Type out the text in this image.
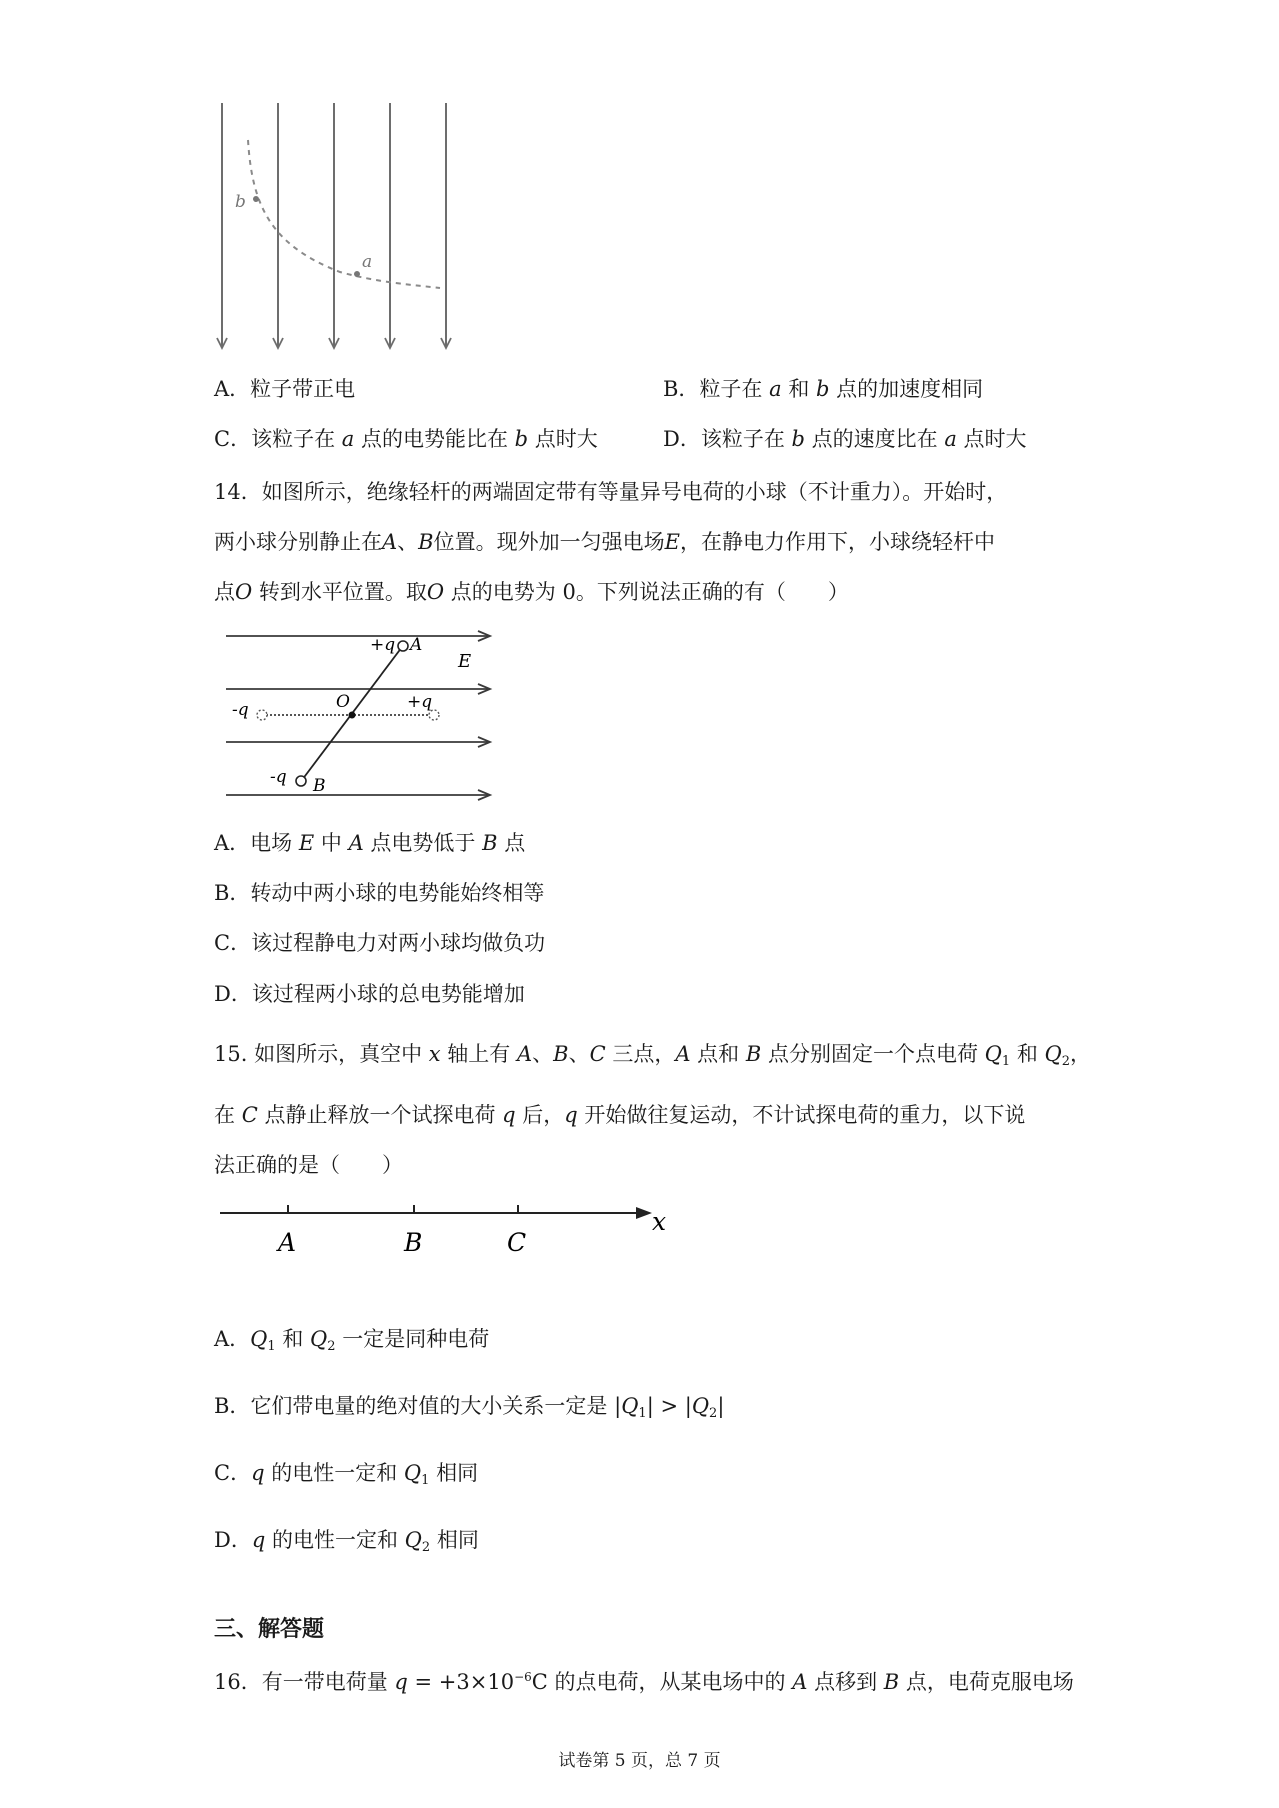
b
a
A．粒子带正电	B．粒子在 a 和 b 点的加速度相同
C．该粒子在 a 点的电势能比在 b 点时大	D．该粒子在 b 点的速度比在 a 点时大
14．如图所示，绝缘轻杆的两端固定带有等量异号电荷的小球（不计重力）。开始时，
两小球分别静止在A、B位置。现外加一匀强电场E，在静电力作用下，小球绕轻杆中
点O 转到水平位置。取O 点的电势为 0。下列说法正确的有（　　）
+q A
E
O	+q
-q
-q B
A．电场 E 中 A 点电势低于 B 点
B．转动中两小球的电势能始终相等
C．该过程静电力对两小球均做负功
D．该过程两小球的总电势能增加
15. 如图所示，真空中 x 轴上有 A、B、C 三点，A 点和 B 点分别固定一个点电荷 $Q_1$ 和 $Q_2$，
在 C 点静止释放一个试探电荷 q 后，q 开始做往复运动，不计试探电荷的重力，以下说
法正确的是（　　）
A	B	C
x
A．$Q_1$ 和 $Q_2$ 一定是同种电荷
B．它们带电量的绝对值的大小关系一定是 $|Q_1| > |Q_2|$
C．q 的电性一定和 $Q_1$ 相同
D．q 的电性一定和 $Q_2$ 相同
三、解答题
16．有一带电荷量 $q = +3\times 10^{-6}C$ 的点电荷，从某电场中的 A 点移到 B 点，电荷克服电场
试卷第 5 页，总 7 页
